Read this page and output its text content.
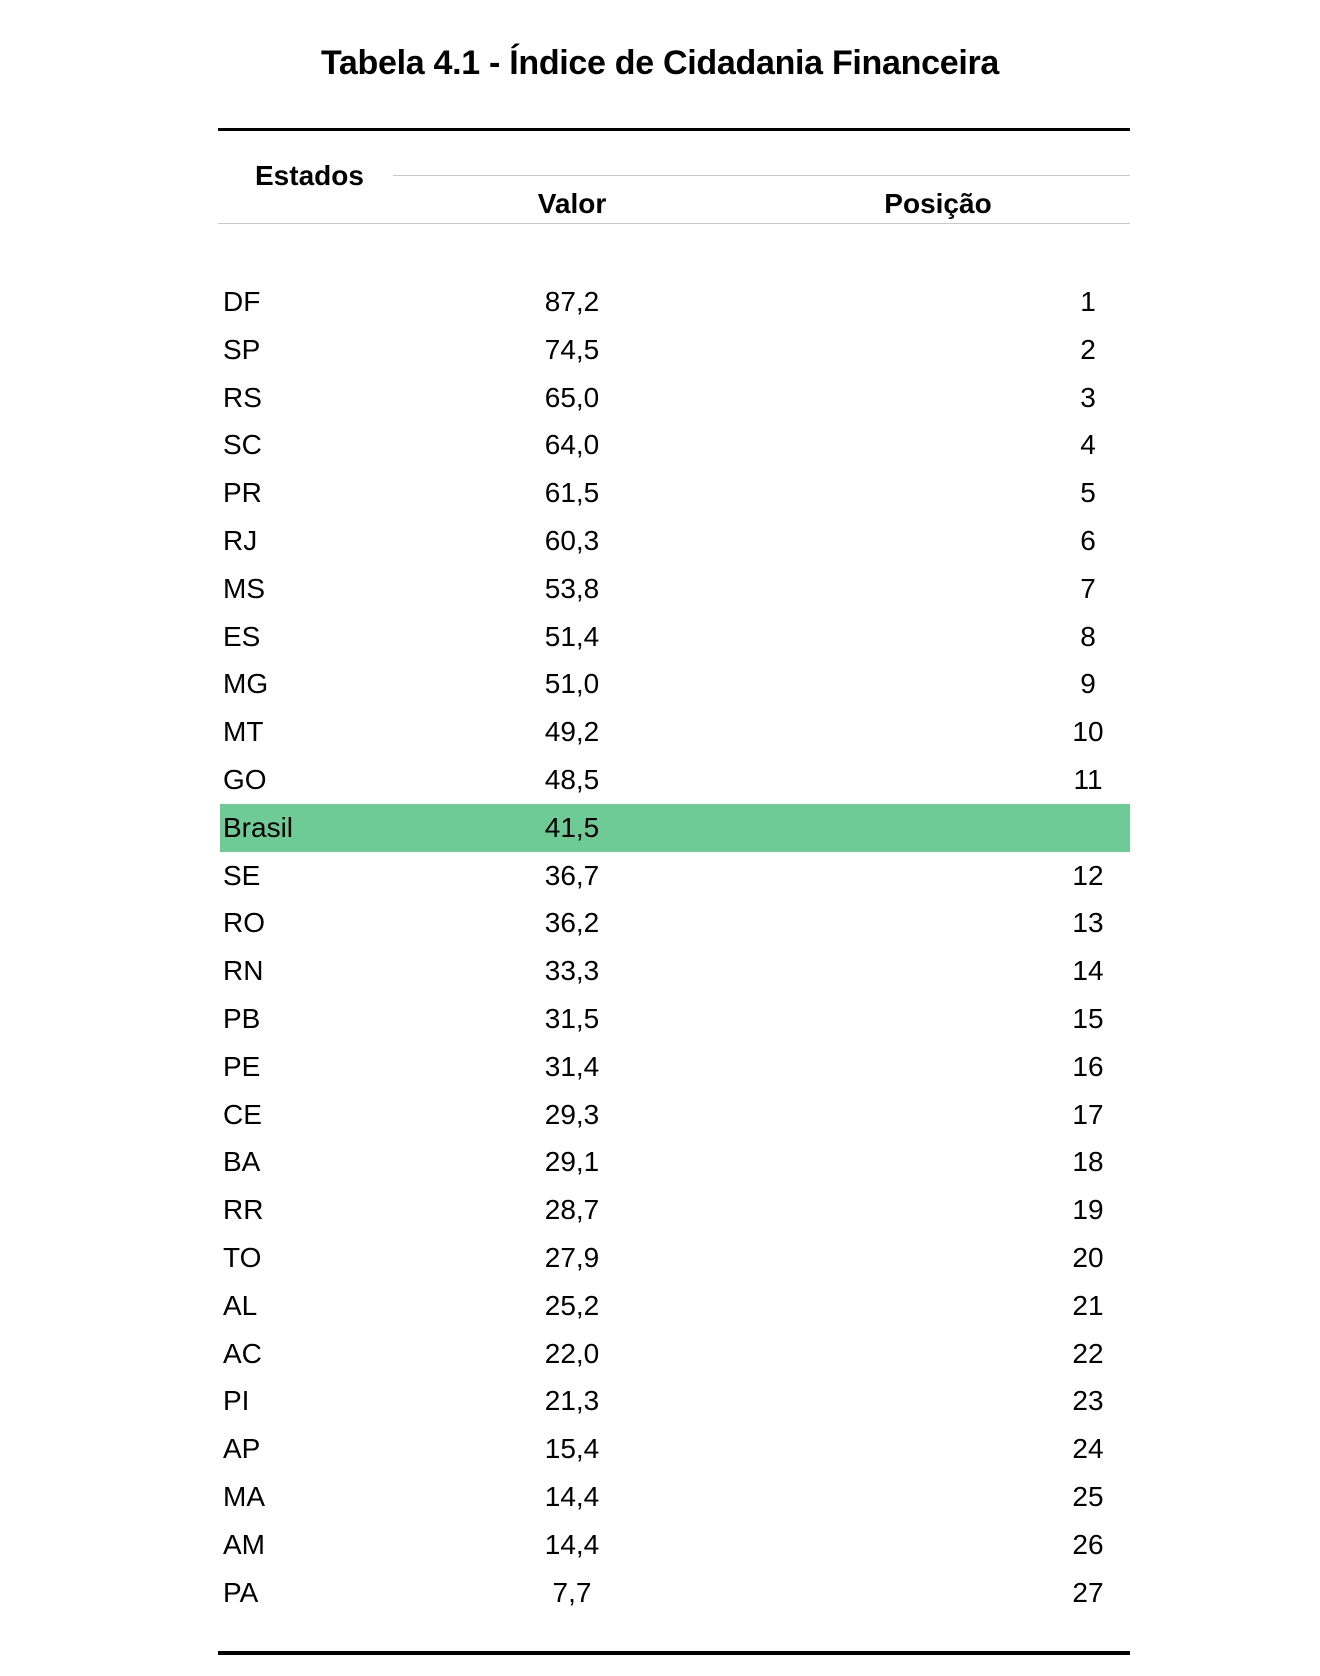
Tabela 4.1 - Índice de Cidadania Financeira
Estados
Valor	Posição
DF	87,2	1
SP	74,5	2
RS	65,0	3
SC	64,0	4
PR	61,5	5
RJ	60,3	6
MS	53,8	7
ES	51,4	8
MG	51,0	9
MT	49,2	10
GO	48,5	11
Brasil	41,5
SE	36,7	12
RO	36,2	13
RN	33,3	14
PB	31,5	15
PE	31,4	16
CE	29,3	17
BA	29,1	18
RR	28,7	19
TO	27,9	20
AL	25,2	21
AC	22,0	22
PI	21,3	23
AP	15,4	24
MA	14,4	25
AM	14,4	26
PA	7,7	27
